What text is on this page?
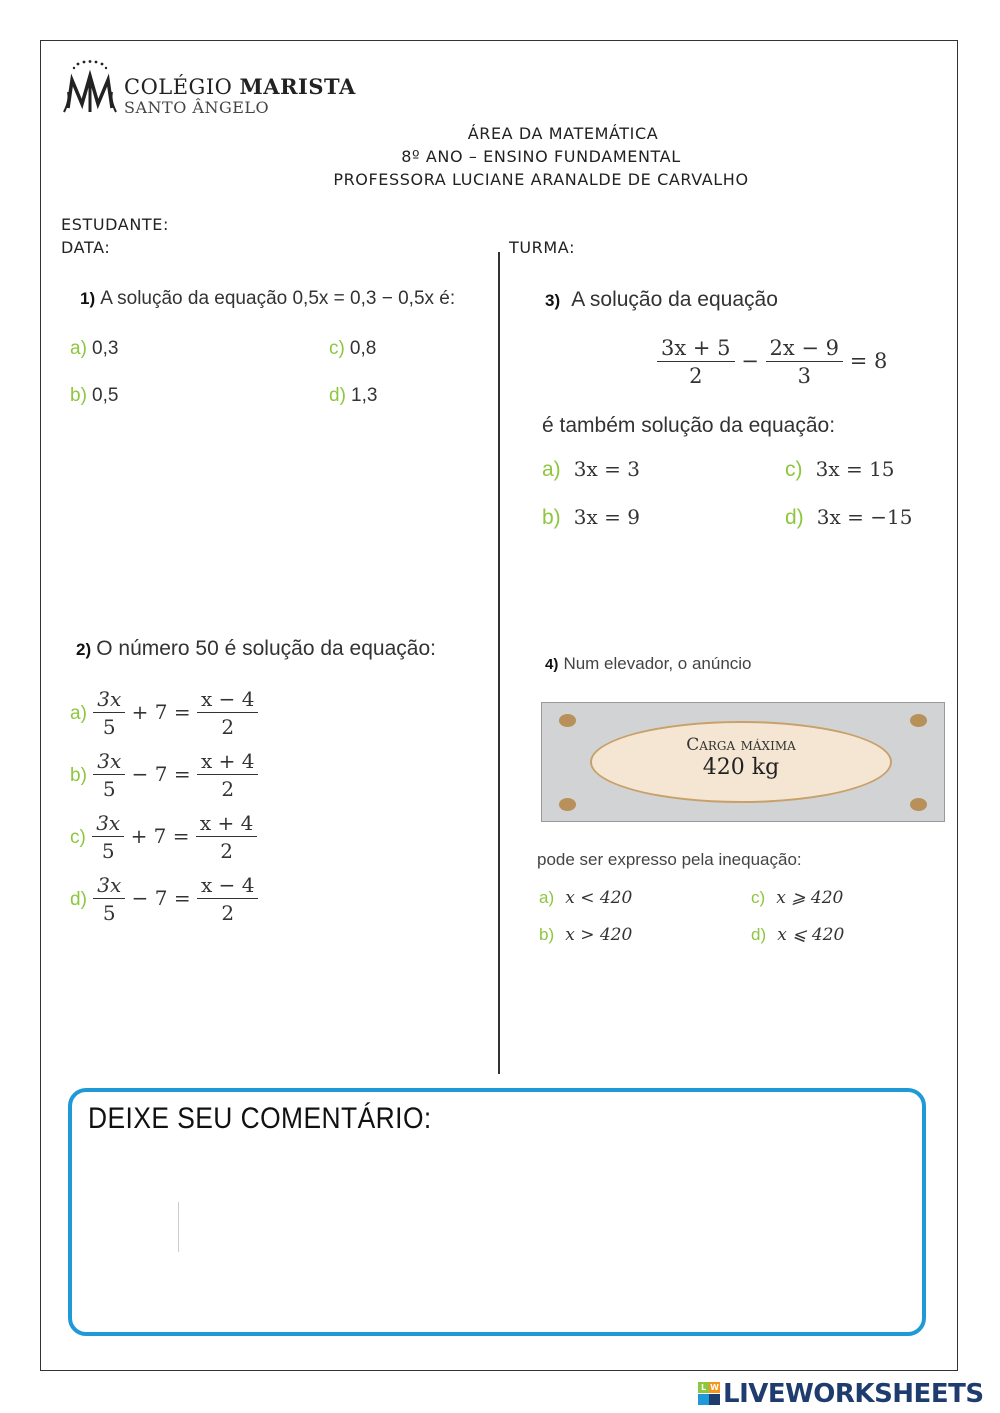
COLÉGIO MARISTA
SANTO ÂNGELO
ÁREA DA MATEMÁTICA
8º ANO – ENSINO FUNDAMENTAL
PROFESSORA LUCIANE ARANALDE DE CARVALHO
ESTUDANTE:
DATA:	TURMA:
1) A solução da equação 0,5x = 0,3 − 0,5x é:
a) 0,3
b) 0,5
c) 0,8
d) 1,3
2) O número 50 é solução da equação:
$a) \frac{3x}{5} + 7 = \frac{x - 4}{2}$
$b) \frac{3x}{5} - 7 = \frac{x + 4}{2}$
$c) \frac{3x}{5} + 7 = \frac{x + 4}{2}$
$d) \frac{3x}{5} - 7 = \frac{x - 4}{2}$
3) A solução da equação
$\frac{3x + 5}{2} - \frac{2x - 9}{3} = 8$
é também solução da equação:
a) 3x = 3
b) 3x = 9
c) 3x = 15
d) 3x = −15
4) Num elevador, o anúncio
Carga máxima
420 kg
pode ser expresso pela inequação:
a) x < 420
b) x > 420
c) x ⩾ 420
d) x ⩽ 420
DEIXE SEU COMENTÁRIO:
L W LIVEWORKSHEETS
